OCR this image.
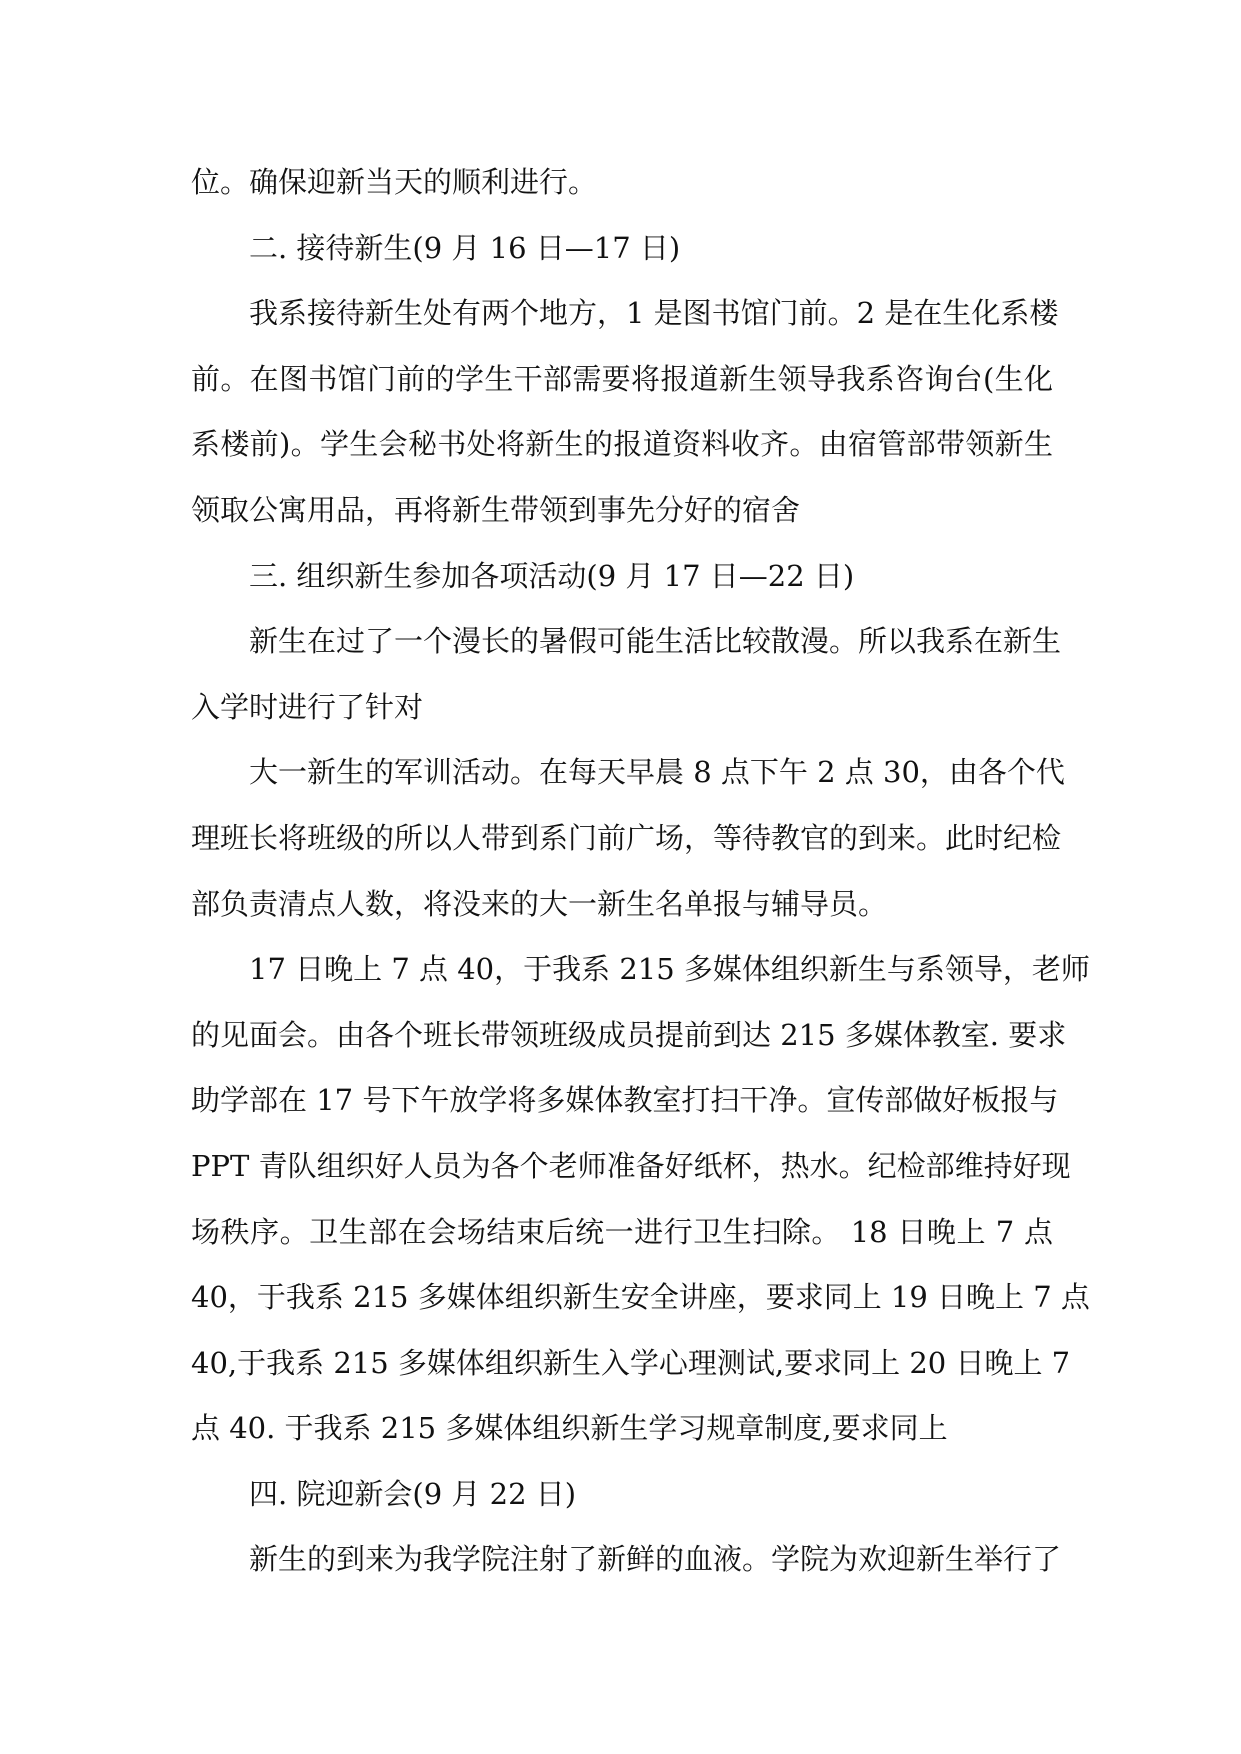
位。确保迎新当天的顺利进行。
二. 接待新生(9 月 16 日—17 日)
我系接待新生处有两个地方，1 是图书馆门前。2 是在生化系楼
前。在图书馆门前的学生干部需要将报道新生领导我系咨询台(生化
系楼前)。学生会秘书处将新生的报道资料收齐。由宿管部带领新生
领取公寓用品，再将新生带领到事先分好的宿舍
三. 组织新生参加各项活动(9 月 17 日—22 日)
新生在过了一个漫长的暑假可能生活比较散漫。所以我系在新生
入学时进行了针对
大一新生的军训活动。在每天早晨 8 点下午 2 点 30，由各个代
理班长将班级的所以人带到系门前广场，等待教官的到来。此时纪检
部负责清点人数，将没来的大一新生名单报与辅导员。
17 日晚上 7 点 40，于我系 215 多媒体组织新生与系领导，老师
的见面会。由各个班长带领班级成员提前到达 215 多媒体教室. 要求
助学部在 17 号下午放学将多媒体教室打扫干净。宣传部做好板报与
PPT 青队组织好人员为各个老师准备好纸杯，热水。纪检部维持好现
场秩序。卫生部在会场结束后统一进行卫生扫除。 18 日晚上 7 点
40，于我系 215 多媒体组织新生安全讲座，要求同上 19 日晚上 7 点
40,于我系 215 多媒体组织新生入学心理测试,要求同上 20 日晚上 7
点 40. 于我系 215 多媒体组织新生学习规章制度,要求同上
四. 院迎新会(9 月 22 日)
新生的到来为我学院注射了新鲜的血液。学院为欢迎新生举行了
